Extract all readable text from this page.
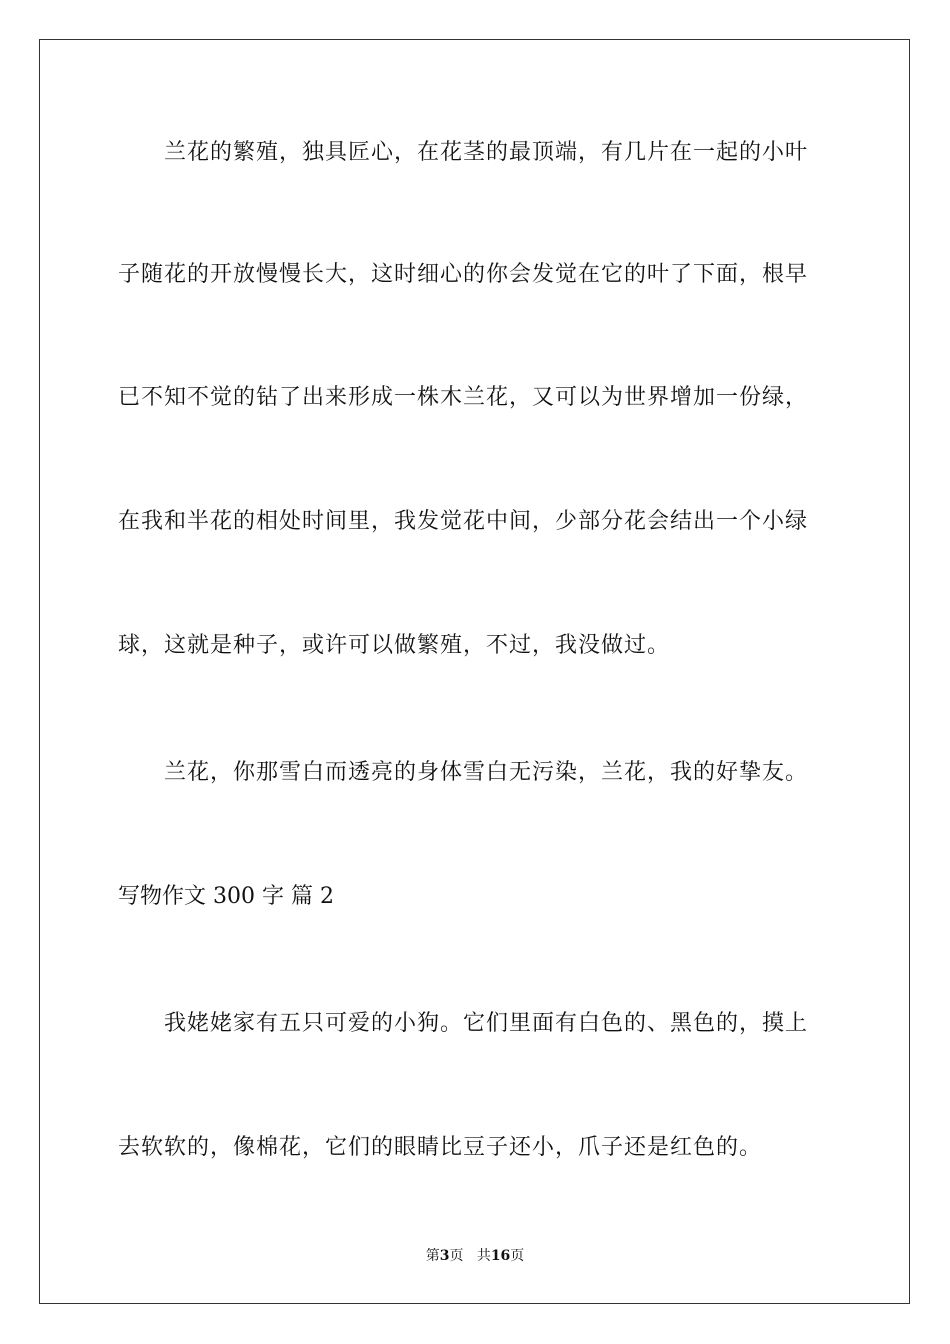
兰花的繁殖，独具匠心，在花茎的最顶端，有几片在一起的小叶
子随花的开放慢慢长大，这时细心的你会发觉在它的叶了下面，根早
已不知不觉的钻了出来形成一株木兰花，又可以为世界增加一份绿，
在我和半花的相处时间里，我发觉花中间，少部分花会结出一个小绿
球，这就是种子，或许可以做繁殖，不过，我没做过。
兰花，你那雪白而透亮的身体雪白无污染，兰花，我的好挚友。
写物作文 300 字 篇 2
我姥姥家有五只可爱的小狗。它们里面有白色的、黑色的，摸上
去软软的，像棉花，它们的眼睛比豆子还小，爪子还是红色的。
第3页 共16页
